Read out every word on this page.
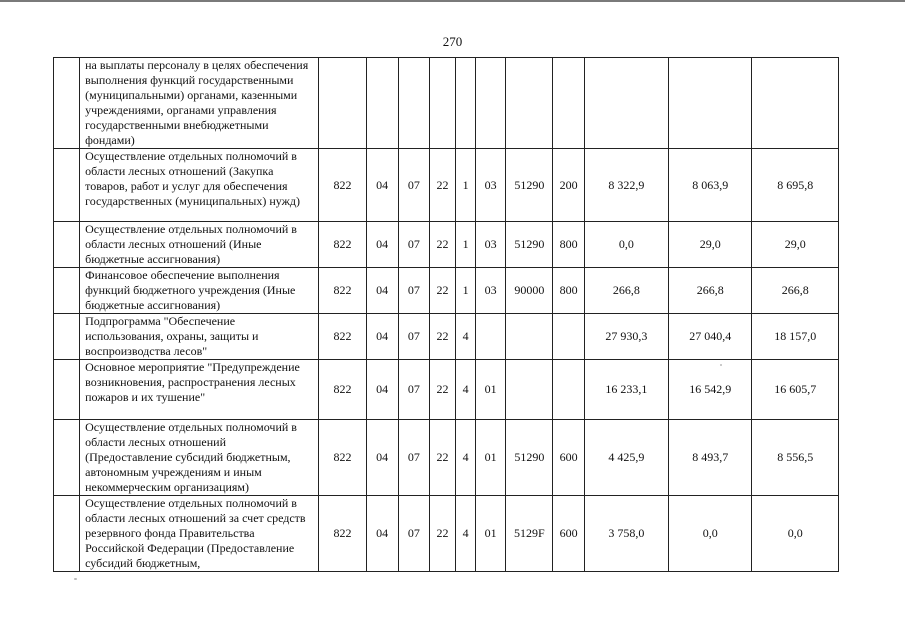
270
	на выплаты персоналу в целях обеспечения выполнения функций государственными (муниципальными) органами, казенными учреждениями, органами управления государственными внебюджетными фондами)											
	Осуществление отдельных полномочий в области лесных отношений (Закупка товаров, работ и услуг для обеспечения государственных (муниципальных) нужд)	822	04	07	22	1	03	51290	200	8 322,9	8 063,9	8 695,8
	Осуществление отдельных полномочий в области лесных отношений (Иные бюджетные ассигнования)	822	04	07	22	1	03	51290	800	0,0	29,0	29,0
	Финансовое обеспечение выполнения функций бюджетного учреждения (Иные бюджетные ассигнования)	822	04	07	22	1	03	90000	800	266,8	266,8	266,8
	Подпрограмма "Обеспечение использования, охраны, защиты и воспроизводства лесов"	822	04	07	22	4				27 930,3	27 040,4	18 157,0
	Основное мероприятие "Предупреждение возникновения, распространения лесных пожаров и их тушение"	822	04	07	22	4	01			16 233,1	16 542,9	16 605,7
	Осуществление отдельных полномочий в области лесных отношений (Предоставление субсидий бюджетным, автономным учреждениям и иным некоммерческим организациям)	822	04	07	22	4	01	51290	600	4 425,9	8 493,7	8 556,5
	Осуществление отдельных полномочий в области лесных отношений за счет средств резервного фонда Правительства Российской Федерации (Предоставление субсидий бюджетным,	822	04	07	22	4	01	5129F	600	3 758,0	0,0	0,0
